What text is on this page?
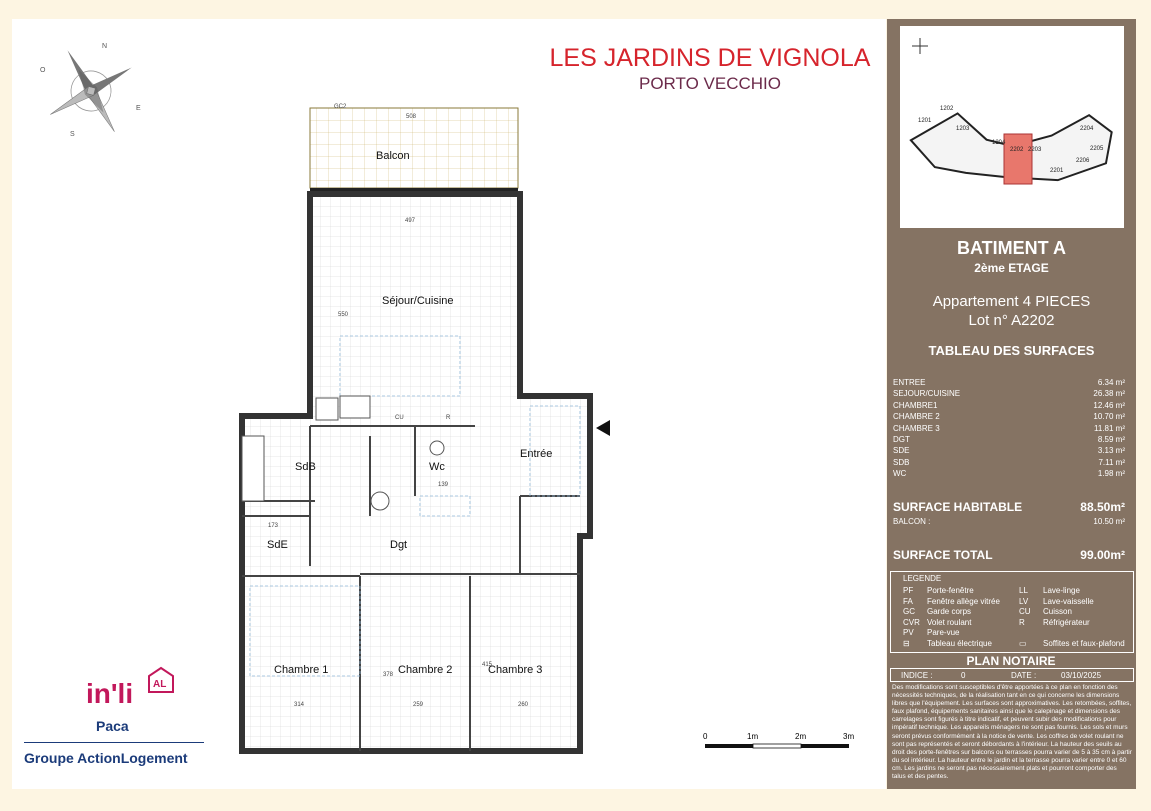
LES JARDINS DE VIGNOLA
PORTO VECCHIO
N
E
S
O
Balcon
Séjour/Cuisine
SdB	Wc
Entrée
SdE	Dgt
Chambre 1	Chambre 2	Chambre 3
CU	R
508
GC2
497
550
139
173
314	259	260
378
415
0	1m	2m	3m
in'li AL
Paca
Groupe ActionLogement
1201
1202
1203
2202 2203
2204
2205
2201
2206
1204
BATIMENT A
2ème ETAGE
Appartement 4 PIECES
Lot n° A2202
TABLEAU DES SURFACES
ENTREE	6.34 m²
SEJOUR/CUISINE	26.38 m²
CHAMBRE1	12.46 m²
CHAMBRE 2	10.70 m²
CHAMBRE 3	11.81 m²
DGT	8.59 m²
SDE	3.13 m²
SDB	7.11 m²
WC	1.98 m²
SURFACE HABITABLE	88.50m²
BALCON :	10.50 m²
SURFACE TOTAL	99.00m²
LEGENDE
PF	Porte-fenêtre	LL	Lave-linge
FA	Fenêtre allège vitrée	LV	Lave-vaisselle
GC	Garde corps	CU	Cuisson
CVR Volet roulant	R	Réfrigérateur
PV	Pare-vue
⊟	Tableau électrique	▭	Soffites et faux-plafond
PLAN NOTAIRE
INDICE :	0	DATE :	03/10/2025
Des modifications sont susceptibles d'être apportées à ce plan en fonction des nécessités techniques, de la réalisation tant en ce qui concerne les dimensions libres que l'équipement. Les surfaces sont approximatives. Les retombées, soffites, faux plafond, équipements sanitaires ainsi que le calepinage et dimensions des carrelages sont figurés à titre indicatif, et peuvent subir des modifications pour impératif technique. Les appareils ménagers ne sont pas fournis. Les sols et murs seront prévus conformément à la notice de vente. Les coffres de volet roulant ne sont pas représentés et seront débordants à l'intérieur. La hauteur des seuils au droit des porte-fenêtres sur balcons ou terrasses pourra varier de 5 à 35 cm à partir du sol intérieur. La hauteur entre le jardin et la terrasse pourra varier entre 0 et 60 cm. Les jardins ne seront pas nécessairement plats et pourront comporter des talus et des pentes.
